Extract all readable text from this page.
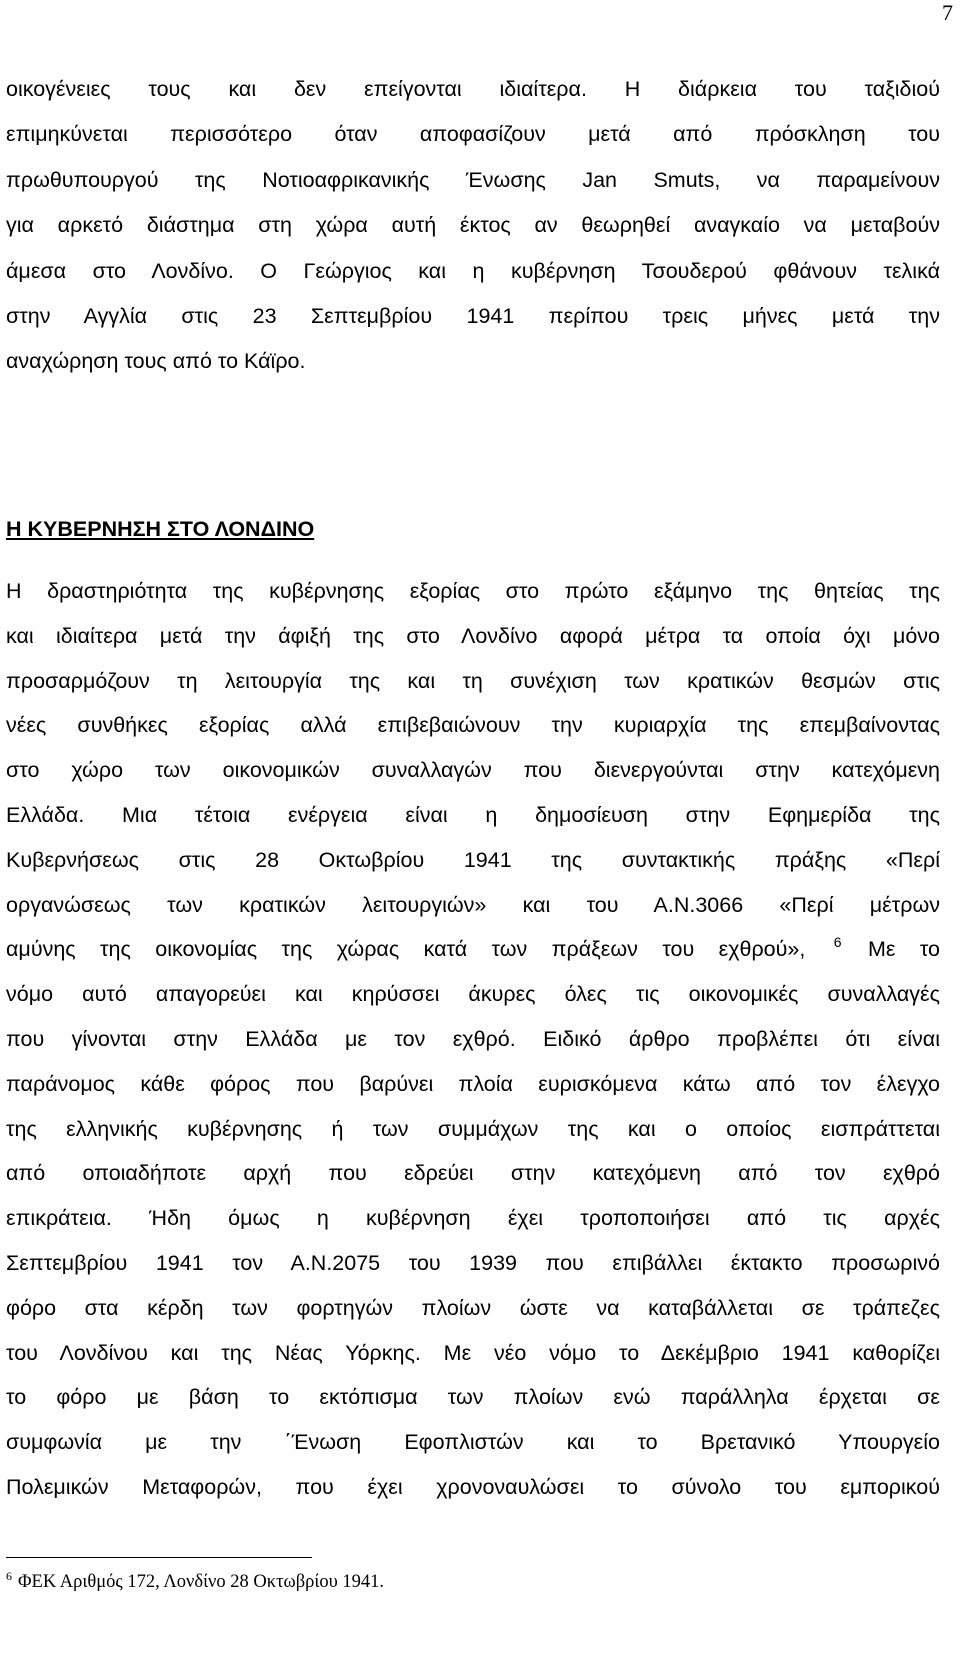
7

οικογένειες τους και δεν επείγονται ιδιαίτερα. Η διάρκεια του ταξιδιού
επιμηκύνεται περισσότερο όταν αποφασίζουν μετά από πρόσκληση του
πρωθυπουργού της Νοτιοαφρικανικής Ένωσης Jan Smuts, να παραμείνουν
για αρκετό διάστημα στη χώρα αυτή έκτος αν θεωρηθεί αναγκαίο να μεταβούν
άμεσα στο Λονδίνο. Ο Γεώργιος και η κυβέρνηση Τσουδερού φθάνουν τελικά
στην Αγγλία στις 23 Σεπτεμβρίου 1941 περίπου τρεις μήνες μετά την
αναχώρηση τους από το Κάϊρο.

Η ΚΥΒΕΡΝΗΣΗ ΣΤΟ ΛΟΝΔΙΝΟ

Η δραστηριότητα της κυβέρνησης εξορίας στο πρώτο εξάμηνο της θητείας της
και ιδιαίτερα μετά την άφιξή της στο Λονδίνο αφορά μέτρα τα οποία όχι μόνο
προσαρμόζουν τη λειτουργία της και τη συνέχιση των κρατικών θεσμών στις
νέες συνθήκες εξορίας αλλά επιβεβαιώνουν την κυριαρχία της επεμβαίνοντας
στο χώρο των οικονομικών συναλλαγών που διενεργούνται στην κατεχόμενη
Ελλάδα. Μια τέτοια ενέργεια είναι η δημοσίευση στην Εφημερίδα της
Κυβερνήσεως στις 28 Οκτωβρίου 1941 της συντακτικής πράξης «Περί
οργανώσεως των κρατικών λειτουργιών» και του Α.Ν.3066 «Περί μέτρων
αμύνης της οικονομίας της χώρας κατά των πράξεων του εχθρού», $^6$ Με το
νόμο αυτό απαγορεύει και κηρύσσει άκυρες όλες τις οικονομικές συναλλαγές
που γίνονται στην Ελλάδα με τον εχθρό. Ειδικό άρθρο προβλέπει ότι είναι
παράνομος κάθε φόρος που βαρύνει πλοία ευρισκόμενα κάτω από τον έλεγχο
της ελληνικής κυβέρνησης ή των συμμάχων της και ο οποίος εισπράττεται
από οποιαδήποτε αρχή που εδρεύει στην κατεχόμενη από τον εχθρό
επικράτεια. Ήδη όμως η κυβέρνηση έχει τροποποιήσει από τις αρχές
Σεπτεμβρίου 1941 τον Α.Ν.2075 του 1939 που επιβάλλει έκτακτο προσωρινό
φόρο στα κέρδη των φορτηγών πλοίων ώστε να καταβάλλεται σε τράπεζες
του Λονδίνου και της Νέας Υόρκης. Με νέο νόμο το Δεκέμβριο 1941 καθορίζει
το φόρο με βάση το εκτόπισμα των πλοίων ενώ παράλληλα έρχεται σε
συμφωνία με την ΄Ένωση Εφοπλιστών και το Βρετανικό Υπουργείο
Πολεμικών Μεταφορών, που έχει χρονοναυλώσει το σύνολο του εμπορικού

$^6$ ΦΕΚ Αριθμός 172, Λονδίνο 28 Οκτωβρίου 1941.
